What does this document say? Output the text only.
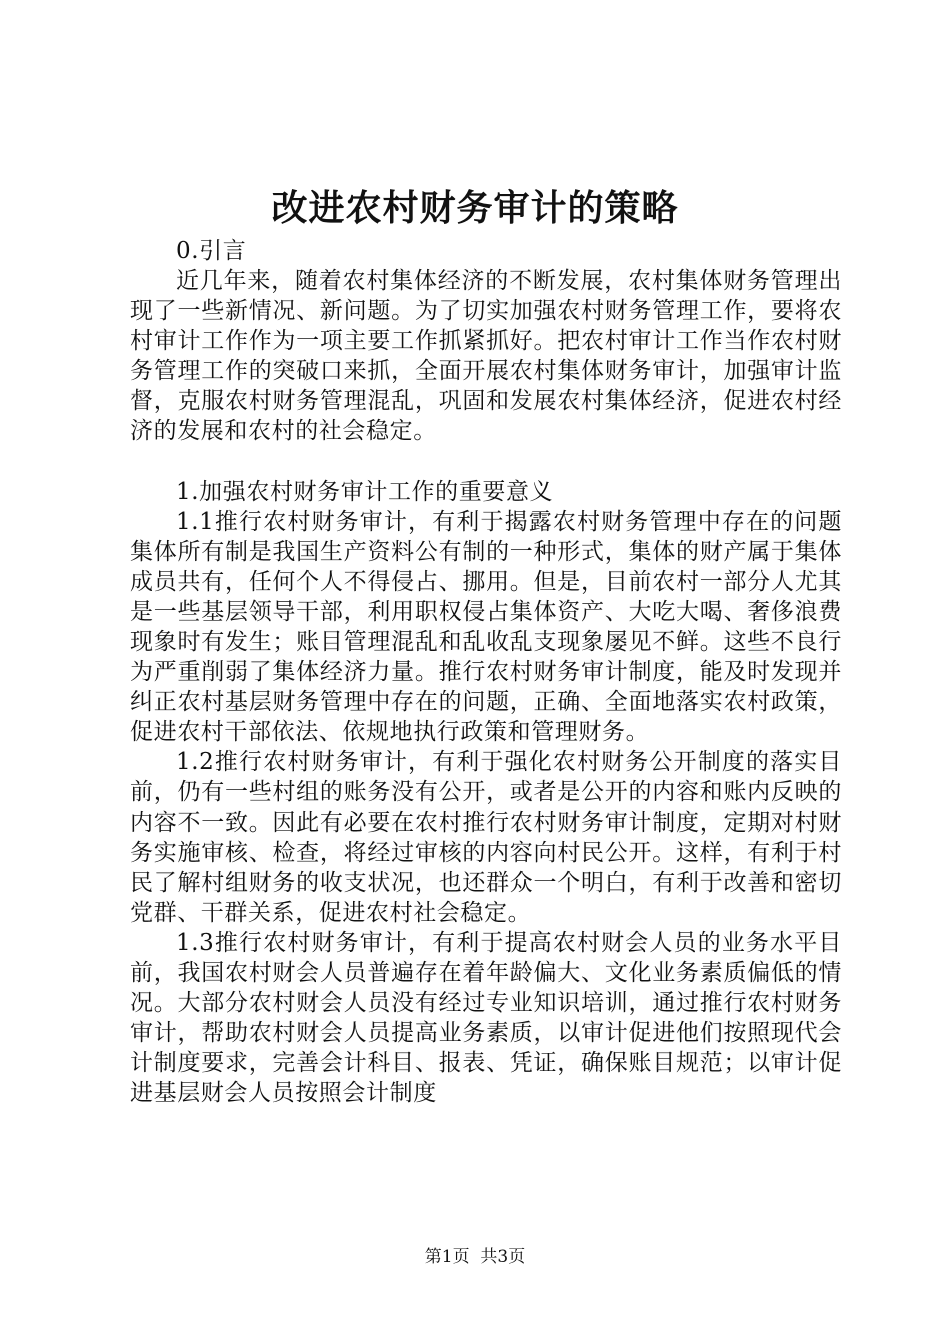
改进农村财务审计的策略

0.引言

近几年来，随着农村集体经济的不断发展，农村集体财务管理出现了一些新情况、新问题。为了切实加强农村财务管理工作，要将农村审计工作作为一项主要工作抓紧抓好。把农村审计工作当作农村财务管理工作的突破口来抓，全面开展农村集体财务审计，加强审计监督，克服农村财务管理混乱，巩固和发展农村集体经济，促进农村经济的发展和农村的社会稳定。

1.加强农村财务审计工作的重要意义

1.1推行农村财务审计，有利于揭露农村财务管理中存在的问题集体所有制是我国生产资料公有制的一种形式，集体的财产属于集体成员共有，任何个人不得侵占、挪用。但是，目前农村一部分人尤其是一些基层领导干部，利用职权侵占集体资产、大吃大喝、奢侈浪费现象时有发生；账目管理混乱和乱收乱支现象屡见不鲜。这些不良行为严重削弱了集体经济力量。推行农村财务审计制度，能及时发现并纠正农村基层财务管理中存在的问题，正确、全面地落实农村政策，促进农村干部依法、依规地执行政策和管理财务。

1.2推行农村财务审计，有利于强化农村财务公开制度的落实目前，仍有一些村组的账务没有公开，或者是公开的内容和账内反映的内容不一致。因此有必要在农村推行农村财务审计制度，定期对村财务实施审核、检查，将经过审核的内容向村民公开。这样，有利于村民了解村组财务的收支状况，也还群众一个明白，有利于改善和密切党群、干群关系，促进农村社会稳定。

1.3推行农村财务审计，有利于提高农村财会人员的业务水平目前，我国农村财会人员普遍存在着年龄偏大、文化业务素质偏低的情况。大部分农村财会人员没有经过专业知识培训，通过推行农村财务审计，帮助农村财会人员提高业务素质，以审计促进他们按照现代会计制度要求，完善会计科目、报表、凭证，确保账目规范；以审计促进基层财会人员按照会计制度

第1页  共3页
